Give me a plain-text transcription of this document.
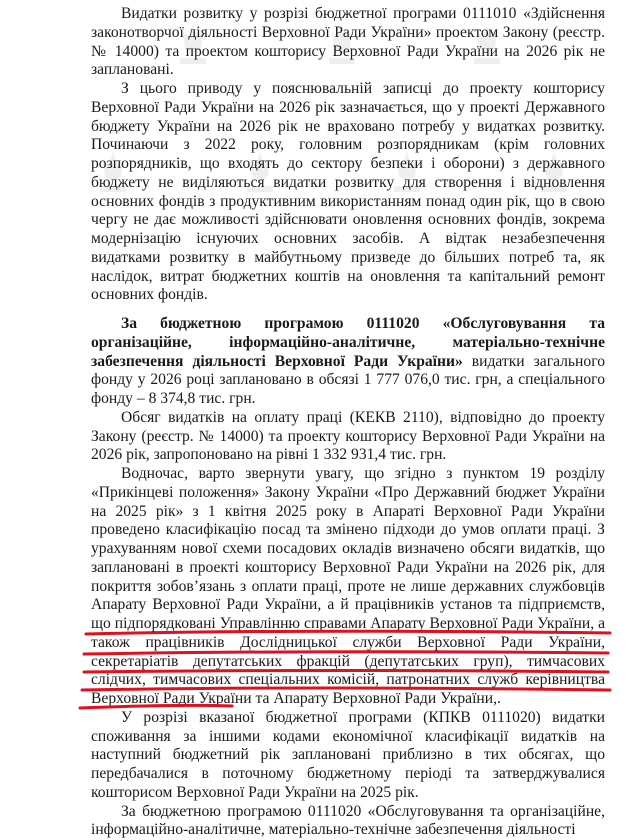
Видатки розвитку у розрізі бюджетної програми 0111010 «Здійснення законотворчої діяльності Верховної Ради України» проектом Закону (реєстр. № 14000) та проектом кошторису Верховної Ради України на 2026 рік не заплановані.

З цього приводу у пояснювальній записці до проекту кошторису Верховної Ради України на 2026 рік зазначається, що у проекті Державного бюджету України на 2026 рік не враховано потребу у видатках розвитку. Починаючи з 2022 року, головним розпорядникам (крім головних розпорядників, що входять до сектору безпеки і оборони) з державного бюджету не виділяються видатки розвитку для створення і відновлення основних фондів з продуктивним використанням понад один рік, що в свою чергу не дає можливості здійснювати оновлення основних фондів, зокрема модернізацію існуючих основних засобів. А відтак незабезпечення видатками розвитку в майбутньому призведе до більших потреб та, як наслідок, витрат бюджетних коштів на оновлення та капітальний ремонт основних фондів.

За бюджетною програмою 0111020 «Обслуговування та організаційне, інформаційно-аналітичне, матеріально-технічне забезпечення діяльності Верховної Ради України» видатки загального фонду у 2026 році заплановано в обсязі 1 777 076,0 тис. грн, а спеціального фонду – 8 374,8 тис. грн.

Обсяг видатків на оплату праці (КЕКВ 2110), відповідно до проекту Закону (реєстр. № 14000) та проекту кошторису Верховної Ради України на 2026 рік, запропоновано на рівні 1 332 931,4 тис. грн.

Водночас, варто звернути увагу, що згідно з пунктом 19 розділу «Прикінцеві положення» Закону України «Про Державний бюджет України на 2025 рік» з 1 квітня 2025 року в Апараті Верховної Ради України проведено класифікацію посад та змінено підходи до умов оплати праці. З урахуванням нової схеми посадових окладів визначено обсяги видатків, що заплановані в проекті кошторису Верховної Ради України на 2026 рік, для покриття зобов’язань з оплати праці, проте не лише державних службовців Апарату Верховної Ради України, а й працівників установ та підприємств, що підпорядковані Управлінню справами Апарату Верховної Ради України, а також працівників Дослідницької служби Верховної Ради України, секретаріатів депутатських фракцій (депутатських груп), тимчасових слідчих, тимчасових спеціальних комісій, патронатних служб керівництва Верховної Ради України та Апарату Верховної Ради України,.

У розрізі вказаної бюджетної програми (КПКВ 0111020) видатки споживання за іншими кодами економічної класифікації видатків на наступний бюджетний рік заплановані приблизно в тих обсягах, що передбачалися в поточному бюджетному періоді та затверджувалися кошторисом Верховної Ради України на 2025 рік.

За бюджетною програмою 0111020 «Обслуговування та організаційне, інформаційно-аналітичне, матеріально-технічне забезпечення діяльності
